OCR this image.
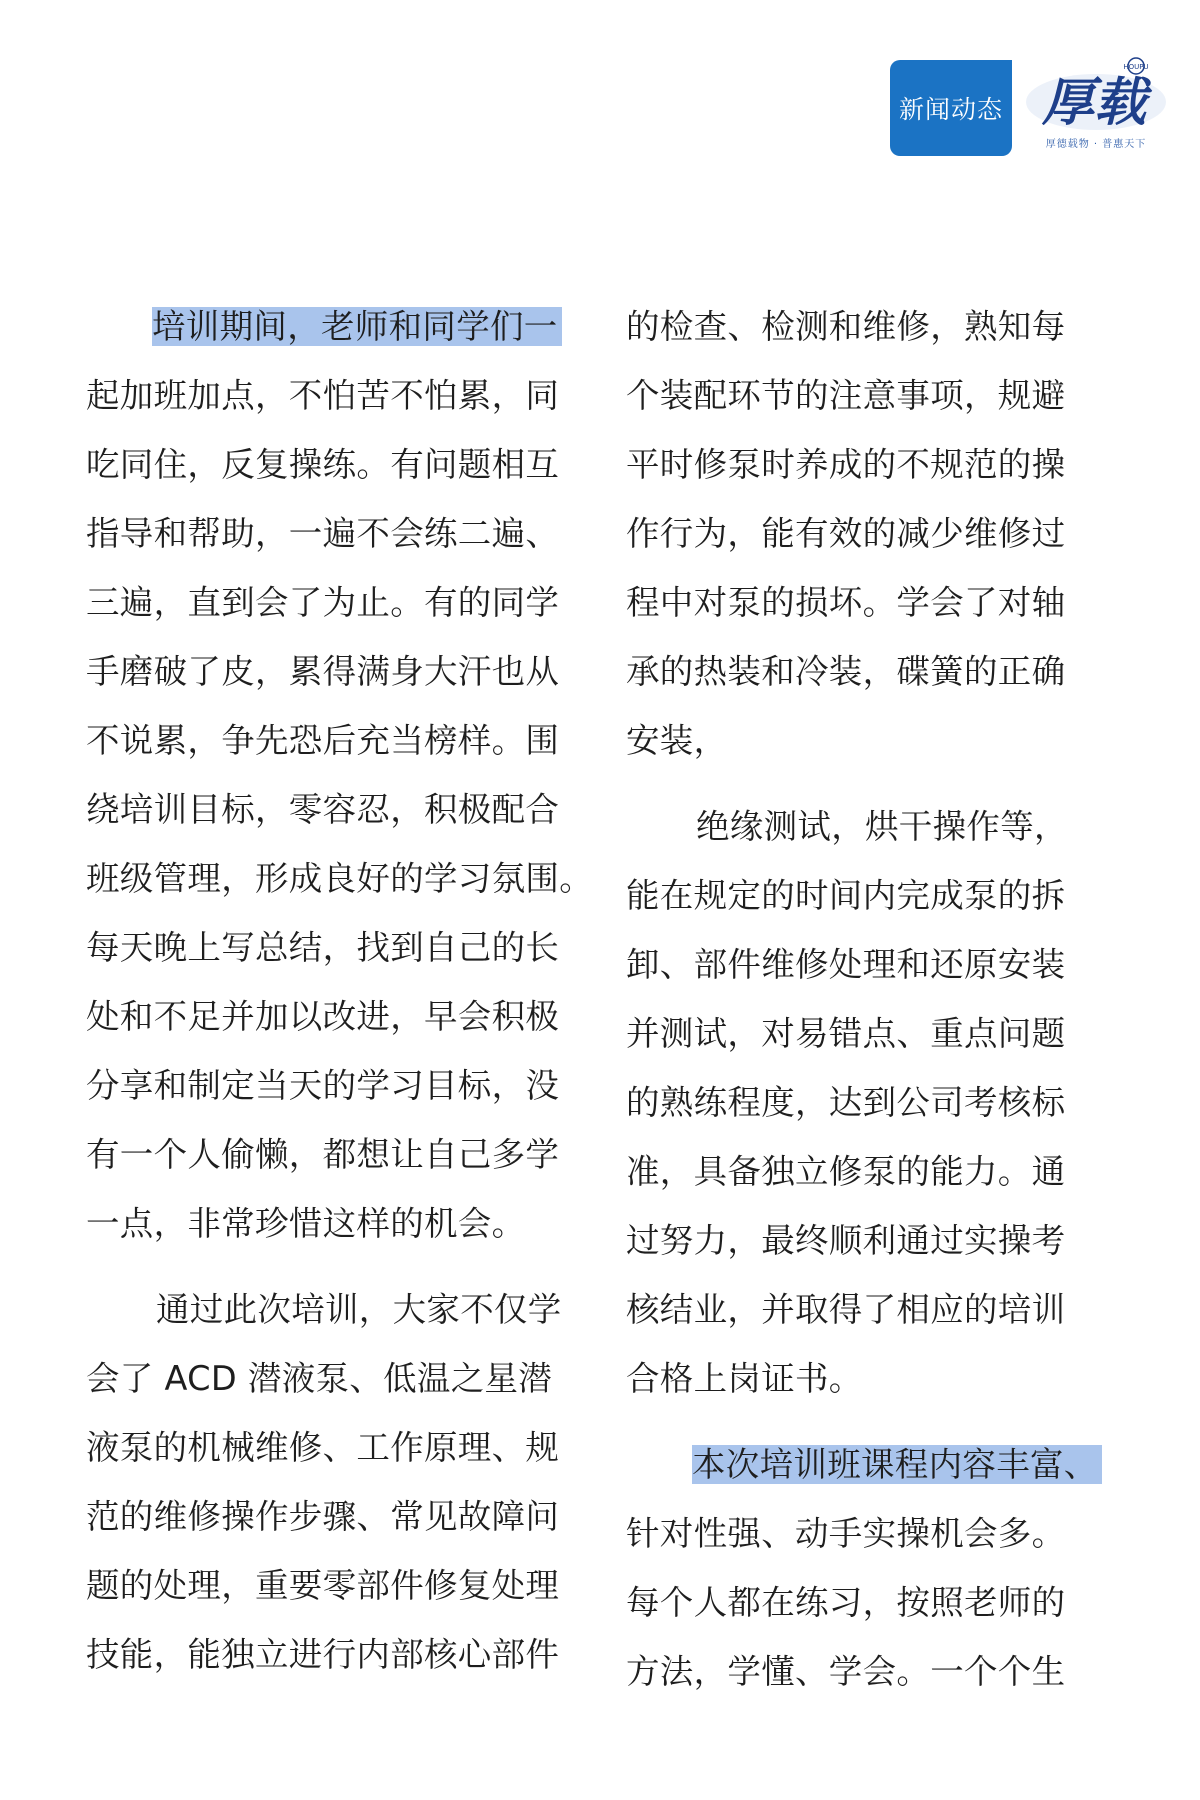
新闻动态
HOUPU
厚载
厚德载物 · 普惠天下
培训期间，老师和同学们一
起加班加点，不怕苦不怕累，同
吃同住，反复操练。有问题相互
指导和帮助，一遍不会练二遍、
三遍，直到会了为止。有的同学
手磨破了皮，累得满身大汗也从
不说累，争先恐后充当榜样。围
绕培训目标，零容忍，积极配合
班级管理，形成良好的学习氛围。
每天晚上写总结，找到自己的长
处和不足并加以改进，早会积极
分享和制定当天的学习目标，没
有一个人偷懒，都想让自己多学
一点，非常珍惜这样的机会。
通过此次培训，大家不仅学
会了 ACD 潜液泵、低温之星潜
液泵的机械维修、工作原理、规
范的维修操作步骤、常见故障问
题的处理，重要零部件修复处理
技能，能独立进行内部核心部件
的检查、检测和维修，熟知每
个装配环节的注意事项，规避
平时修泵时养成的不规范的操
作行为，能有效的减少维修过
程中对泵的损坏。学会了对轴
承的热装和冷装，碟簧的正确
安装，
绝缘测试，烘干操作等，
能在规定的时间内完成泵的拆
卸、部件维修处理和还原安装
并测试，对易错点、重点问题
的熟练程度，达到公司考核标
准，具备独立修泵的能力。通
过努力，最终顺利通过实操考
核结业，并取得了相应的培训
合格上岗证书。
本次培训班课程内容丰富、
针对性强、动手实操机会多。
每个人都在练习，按照老师的
方法，学懂、学会。一个个生
